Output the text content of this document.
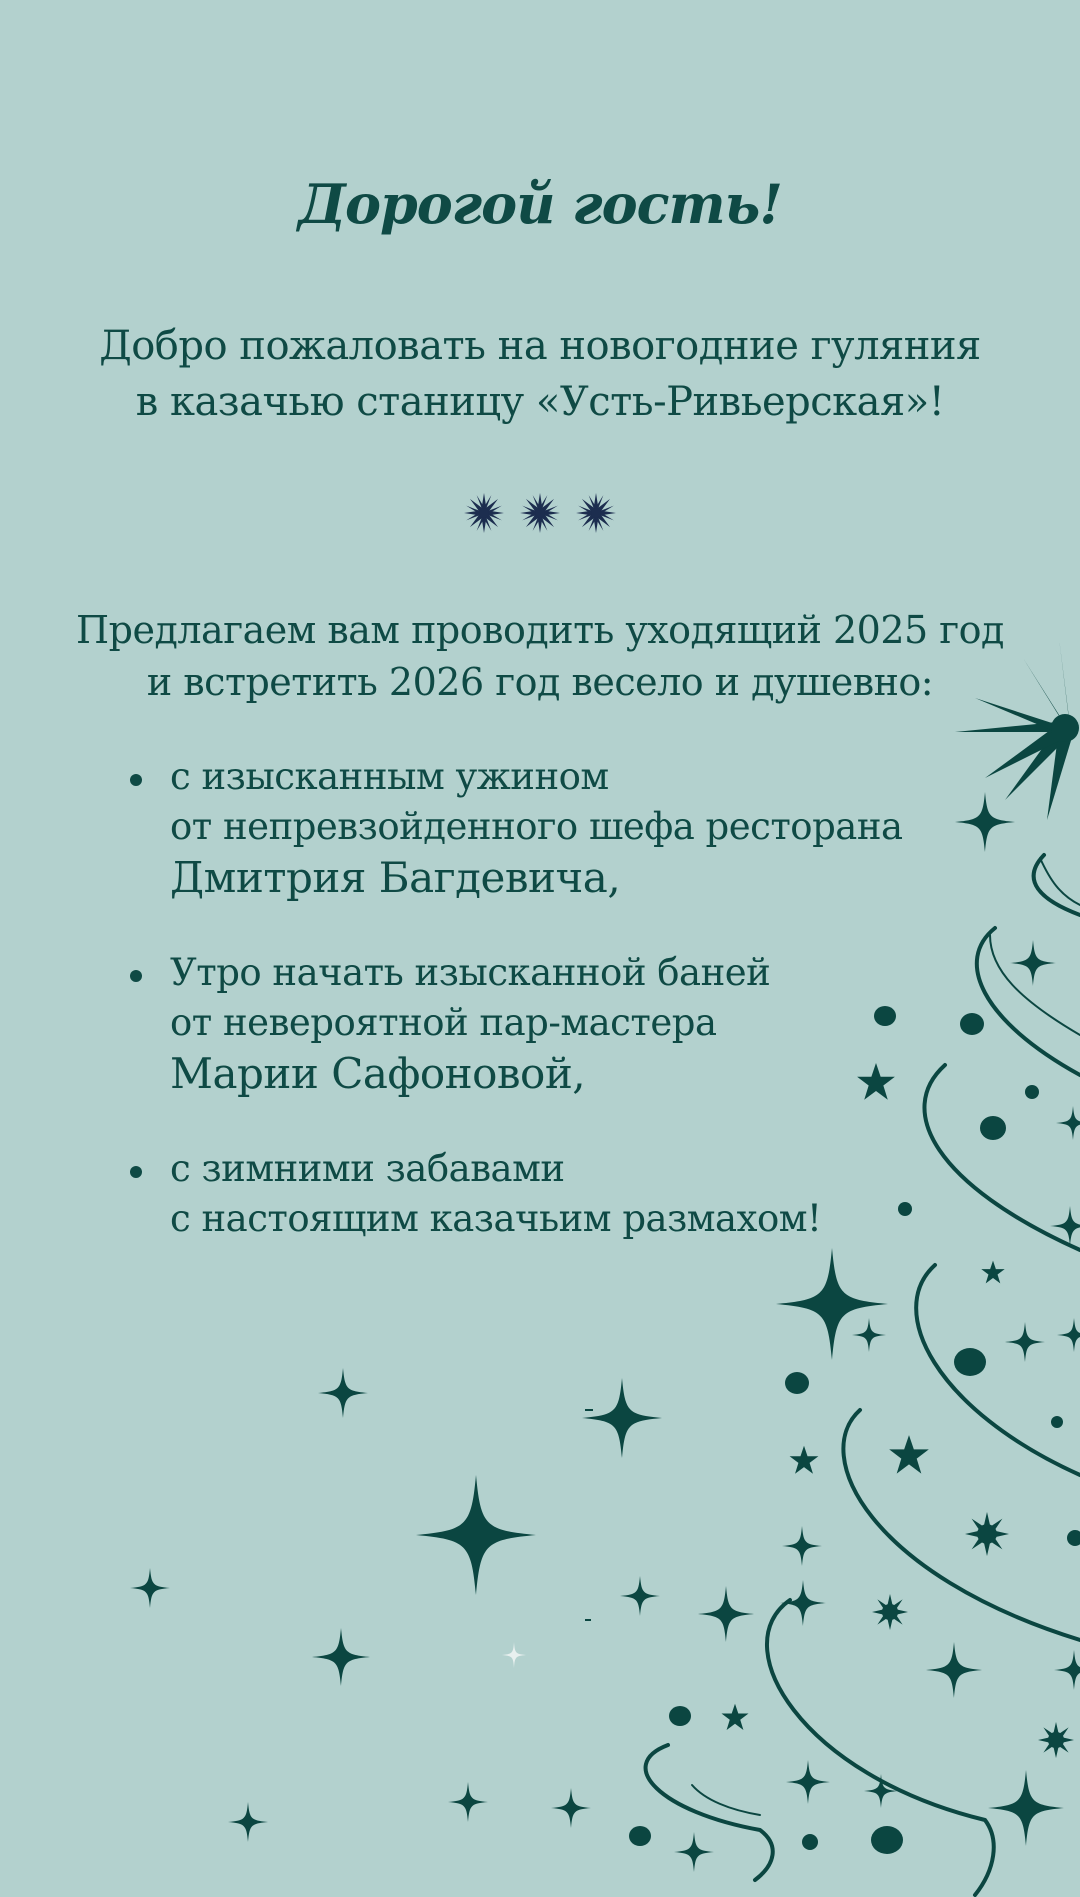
Дорогой гость!
Добро пожаловать на новогодние гуляния
в казачью станицу «Усть-Ривьерская»!
Предлагаем вам проводить уходящий 2025 год
и встретить 2026 год весело и душевно:
с изысканным ужином
от непревзойденного шефа ресторана
Дмитрия Багдевича,
Утро начать изысканной баней
от невероятной пар-мастера
Марии Сафоновой,
с зимними забавами
с настоящим казачьим размахом!
